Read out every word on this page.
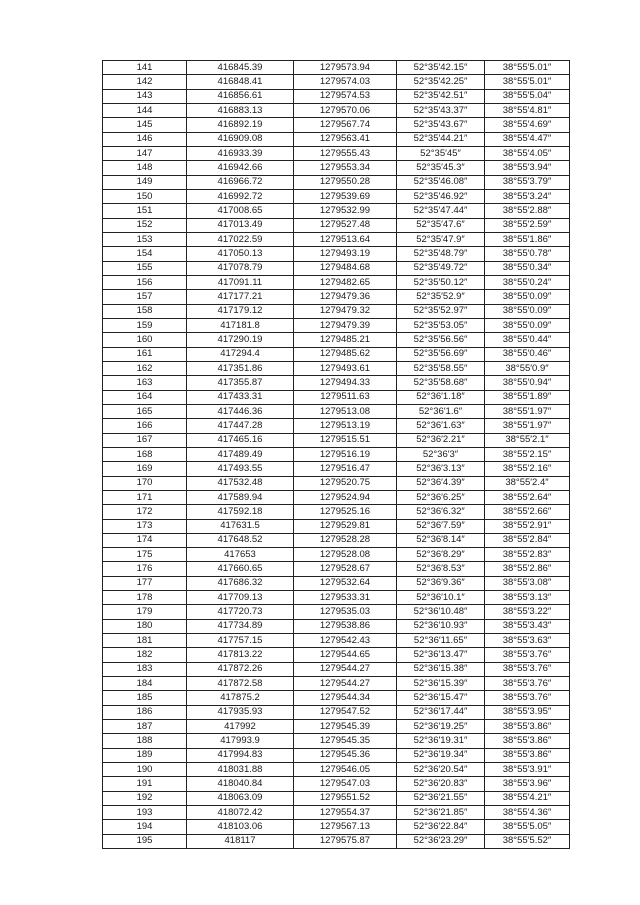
141	416845.39	1279573.94	52°35′42.15″	38°55′5.01″
142	416848.41	1279574.03	52°35′42.25″	38°55′5.01″
143	416856.61	1279574.53	52°35′42.51″	38°55′5.04″
144	416883.13	1279570.06	52°35′43.37″	38°55′4.81″
145	416892.19	1279567.74	52°35′43.67″	38°55′4.69″
146	416909.08	1279563.41	52°35′44.21″	38°55′4.47″
147	416933.39	1279555.43	52°35′45″	38°55′4.05″
148	416942.66	1279553.34	52°35′45.3″	38°55′3.94″
149	416966.72	1279550.28	52°35′46.08″	38°55′3.79″
150	416992.72	1279539.69	52°35′46.92″	38°55′3.24″
151	417008.65	1279532.99	52°35′47.44″	38°55′2.88″
152	417013.49	1279527.48	52°35′47.6″	38°55′2.59″
153	417022.59	1279513.64	52°35′47.9″	38°55′1.86″
154	417050.13	1279493.19	52°35′48.79″	38°55′0.78″
155	417078.79	1279484.68	52°35′49.72″	38°55′0.34″
156	417091.11	1279482.65	52°35′50.12″	38°55′0.24″
157	417177.21	1279479.36	52°35′52.9″	38°55′0.09″
158	417179.12	1279479.32	52°35′52.97″	38°55′0.09″
159	417181.8	1279479.39	52°35′53.05″	38°55′0.09″
160	417290.19	1279485.21	52°35′56.56″	38°55′0.44″
161	417294.4	1279485.62	52°35′56.69″	38°55′0.46″
162	417351.86	1279493.61	52°35′58.55″	38°55′0.9″
163	417355.87	1279494.33	52°35′58.68″	38°55′0.94″
164	417433.31	1279511.63	52°36′1.18″	38°55′1.89″
165	417446.36	1279513.08	52°36′1.6″	38°55′1.97″
166	417447.28	1279513.19	52°36′1.63″	38°55′1.97″
167	417465.16	1279515.51	52°36′2.21″	38°55′2.1″
168	417489.49	1279516.19	52°36′3″	38°55′2.15″
169	417493.55	1279516.47	52°36′3.13″	38°55′2.16″
170	417532.48	1279520.75	52°36′4.39″	38°55′2.4″
171	417589.94	1279524.94	52°36′6.25″	38°55′2.64″
172	417592.18	1279525.16	52°36′6.32″	38°55′2.66″
173	417631.5	1279529.81	52°36′7.59″	38°55′2.91″
174	417648.52	1279528.28	52°36′8.14″	38°55′2.84″
175	417653	1279528.08	52°36′8.29″	38°55′2.83″
176	417660.65	1279528.67	52°36′8.53″	38°55′2.86″
177	417686.32	1279532.64	52°36′9.36″	38°55′3.08″
178	417709.13	1279533.31	52°36′10.1″	38°55′3.13″
179	417720.73	1279535.03	52°36′10.48″	38°55′3.22″
180	417734.89	1279538.86	52°36′10.93″	38°55′3.43″
181	417757.15	1279542.43	52°36′11.65″	38°55′3.63″
182	417813.22	1279544.65	52°36′13.47″	38°55′3.76″
183	417872.26	1279544.27	52°36′15.38″	38°55′3.76″
184	417872.58	1279544.27	52°36′15.39″	38°55′3.76″
185	417875.2	1279544.34	52°36′15.47″	38°55′3.76″
186	417935.93	1279547.52	52°36′17.44″	38°55′3.95″
187	417992	1279545.39	52°36′19.25″	38°55′3.86″
188	417993.9	1279545.35	52°36′19.31″	38°55′3.86″
189	417994.83	1279545.36	52°36′19.34″	38°55′3.86″
190	418031.88	1279546.05	52°36′20.54″	38°55′3.91″
191	418040.84	1279547.03	52°36′20.83″	38°55′3.96″
192	418063.09	1279551.52	52°36′21.55″	38°55′4.21″
193	418072.42	1279554.37	52°36′21.85″	38°55′4.36″
194	418103.06	1279567.13	52°36′22.84″	38°55′5.05″
195	418117	1279575.87	52°36′23.29″	38°55′5.52″
